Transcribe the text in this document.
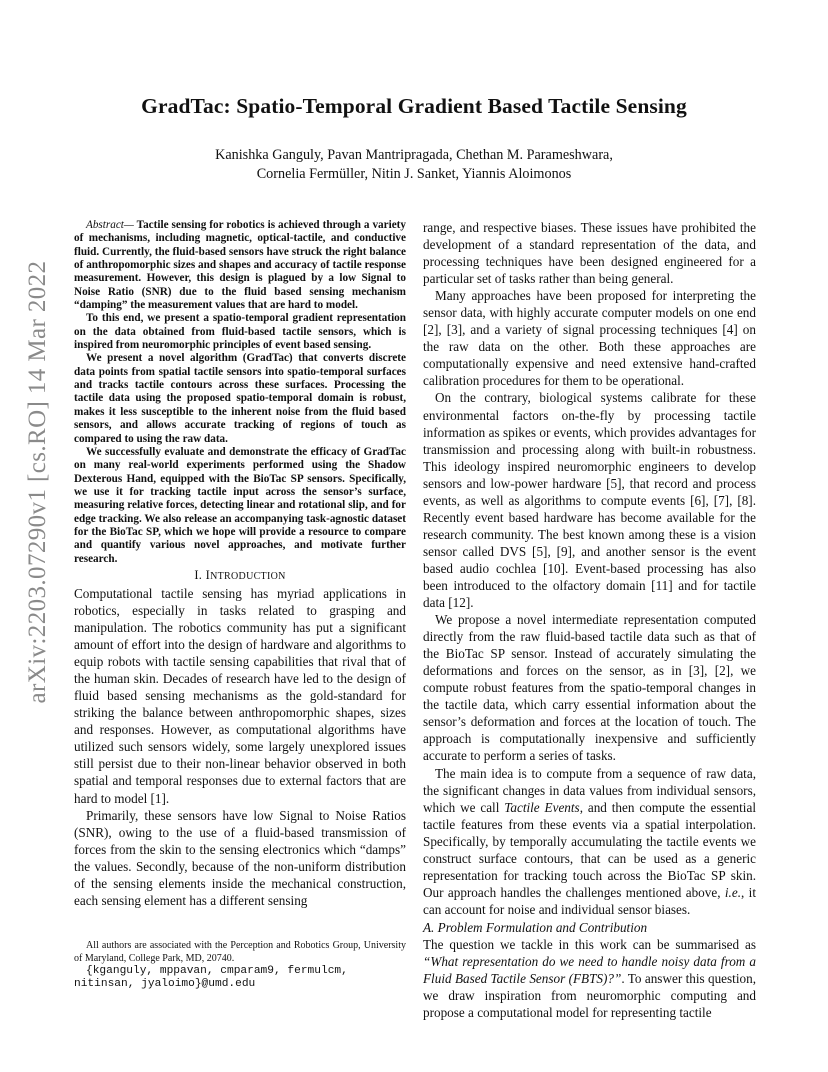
GradTac: Spatio-Temporal Gradient Based Tactile Sensing
Kanishka Ganguly, Pavan Mantripragada, Chethan M. Parameshwara,
Cornelia Fermüller, Nitin J. Sanket, Yiannis Aloimonos
arXiv:2203.07290v1 [cs.RO] 14 Mar 2022

Abstract— Tactile sensing for robotics is achieved through a variety of mechanisms, including magnetic, optical-tactile, and conductive fluid. Currently, the fluid-based sensors have struck the right balance of anthropomorphic sizes and shapes and accuracy of tactile response measurement. However, this design is plagued by a low Signal to Noise Ratio (SNR) due to the fluid based sensing mechanism “damping” the measurement values that are hard to model.

To this end, we present a spatio-temporal gradient representation on the data obtained from fluid-based tactile sensors, which is inspired from neuromorphic principles of event based sensing.

We present a novel algorithm (GradTac) that converts discrete data points from spatial tactile sensors into spatio-temporal surfaces and tracks tactile contours across these surfaces. Processing the tactile data using the proposed spatio-temporal domain is robust, makes it less susceptible to the inherent noise from the fluid based sensors, and allows accurate tracking of regions of touch as compared to using the raw data.

We successfully evaluate and demonstrate the efficacy of GradTac on many real-world experiments performed using the Shadow Dexterous Hand, equipped with the BioTac SP sensors. Specifically, we use it for tracking tactile input across the sensor’s surface, measuring relative forces, detecting linear and rotational slip, and for edge tracking. We also release an accompanying task-agnostic dataset for the BioTac SP, which we hope will provide a resource to compare and quantify various novel approaches, and motivate further research.

I. INTRODUCTION

Computational tactile sensing has myriad applications in robotics, especially in tasks related to grasping and manipulation. The robotics community has put a significant amount of effort into the design of hardware and algorithms to equip robots with tactile sensing capabilities that rival that of the human skin. Decades of research have led to the design of fluid based sensing mechanisms as the gold-standard for striking the balance between anthropomorphic shapes, sizes and responses. However, as computational algorithms have utilized such sensors widely, some largely unexplored issues still persist due to their non-linear behavior observed in both spatial and temporal responses due to external factors that are hard to model [1].

Primarily, these sensors have low Signal to Noise Ratios (SNR), owing to the use of a fluid-based transmission of forces from the skin to the sensing electronics which “damps” the values. Secondly, because of the non-uniform distribution of the sensing elements inside the mechanical construction, each sensing element has a different sensing

range, and respective biases. These issues have prohibited the development of a standard representation of the data, and processing techniques have been designed engineered for a particular set of tasks rather than being general.

Many approaches have been proposed for interpreting the sensor data, with highly accurate computer models on one end [2], [3], and a variety of signal processing techniques [4] on the raw data on the other. Both these approaches are computationally expensive and need extensive hand-crafted calibration procedures for them to be operational.

On the contrary, biological systems calibrate for these environmental factors on-the-fly by processing tactile information as spikes or events, which provides advantages for transmission and processing along with built-in robustness. This ideology inspired neuromorphic engineers to develop sensors and low-power hardware [5], that record and process events, as well as algorithms to compute events [6], [7], [8]. Recently event based hardware has become available for the research community. The best known among these is a vision sensor called DVS [5], [9], and another sensor is the event based audio cochlea [10]. Event-based processing has also been introduced to the olfactory domain [11] and for tactile data [12].

We propose a novel intermediate representation computed directly from the raw fluid-based tactile data such as that of the BioTac SP sensor. Instead of accurately simulating the deformations and forces on the sensor, as in [3], [2], we compute robust features from the spatio-temporal changes in the tactile data, which carry essential information about the sensor’s deformation and forces at the location of touch. The approach is computationally inexpensive and sufficiently accurate to perform a series of tasks.

The main idea is to compute from a sequence of raw data, the significant changes in data values from individual sensors, which we call Tactile Events, and then compute the essential tactile features from these events via a spatial interpolation. Specifically, by temporally accumulating the tactile events we construct surface contours, that can be used as a generic representation for tracking touch across the BioTac SP skin. Our approach handles the challenges mentioned above, i.e., it can account for noise and individual sensor biases.

A. Problem Formulation and Contribution

The question we tackle in this work can be summarised as “What representation do we need to handle noisy data from a Fluid Based Tactile Sensor (FBTS)?”. To answer this question, we draw inspiration from neuromorphic computing and propose a computational model for representing tactile

All authors are associated with the Perception and Robotics Group, University of Maryland, College Park, MD, 20740.

{kganguly, mppavan, cmparam9, fermulcm, nitinsan, jyaloimo}@umd.edu
